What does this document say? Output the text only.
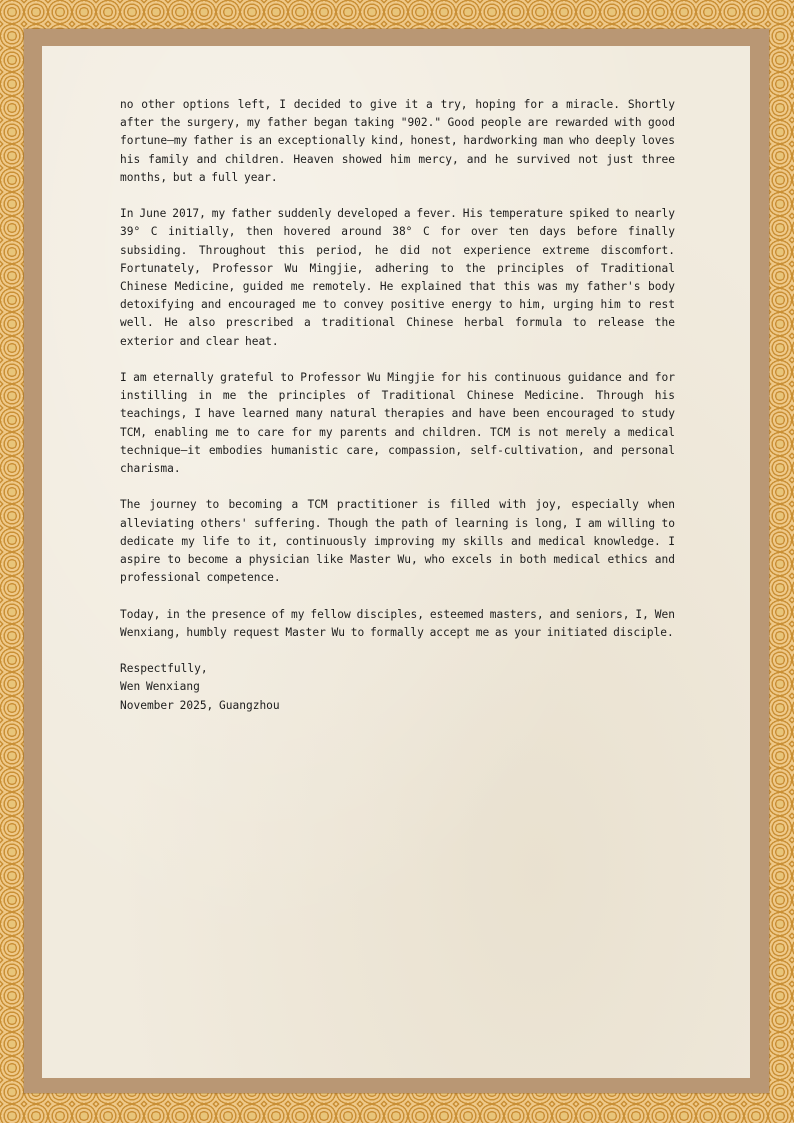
no other options left, I decided to give it a try, hoping for a miracle. Shortly after the surgery, my father began taking "902." Good people are rewarded with good fortune—my father is an exceptionally kind, honest, hardworking man who deeply loves his family and children. Heaven showed him mercy, and he survived not just three months, but a full year.

In June 2017, my father suddenly developed a fever. His temperature spiked to nearly 39° C initially, then hovered around 38° C for over ten days before finally subsiding. Throughout this period, he did not experience extreme discomfort. Fortunately, Professor Wu Mingjie, adhering to the principles of Traditional Chinese Medicine, guided me remotely. He explained that this was my father's body detoxifying and encouraged me to convey positive energy to him, urging him to rest well. He also prescribed a traditional Chinese herbal formula to release the exterior and clear heat.

I am eternally grateful to Professor Wu Mingjie for his continuous guidance and for instilling in me the principles of Traditional Chinese Medicine. Through his teachings, I have learned many natural therapies and have been encouraged to study TCM, enabling me to care for my parents and children. TCM is not merely a medical technique—it embodies humanistic care, compassion, self-cultivation, and personal charisma.

The journey to becoming a TCM practitioner is filled with joy, especially when alleviating others' suffering. Though the path of learning is long, I am willing to dedicate my life to it, continuously improving my skills and medical knowledge. I aspire to become a physician like Master Wu, who excels in both medical ethics and professional competence.

Today, in the presence of my fellow disciples, esteemed masters, and seniors, I, Wen Wenxiang, humbly request Master Wu to formally accept me as your initiated disciple.

Respectfully,

Wen Wenxiang

November 2025, Guangzhou
